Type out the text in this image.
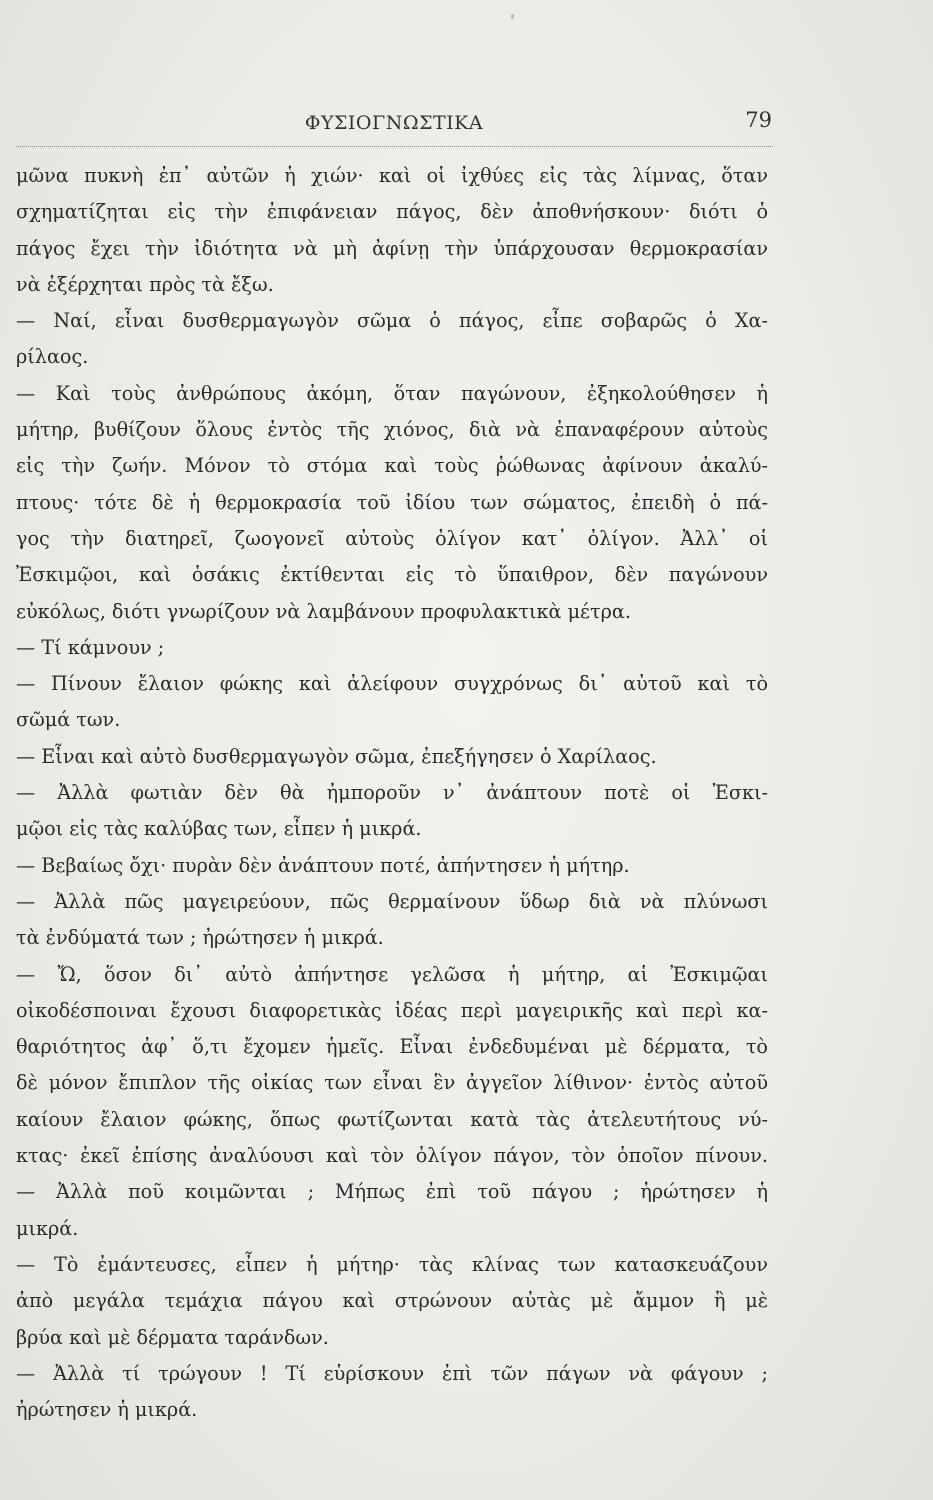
ΦΥΣΙΟΓΝΩΣΤΙΚΑ	79
μῶνα πυκνὴ ἐπ᾽ αὐτῶν ἡ χιών· καὶ οἱ ἰχθύες εἰς τὰς λίμνας, ὅταν
σχηματίζηται εἰς τὴν ἐπιφάνειαν πάγος, δὲν ἀποθνήσκουν· διότι ὁ
πάγος ἔχει τὴν ἰδιότητα νὰ μὴ ἀφίνῃ τὴν ὑπάρχουσαν θερμοκρασίαν
νὰ ἐξέρχηται πρὸς τὰ ἔξω.
— Ναί, εἶναι δυσθερμαγωγὸν σῶμα ὁ πάγος, εἶπε σοβαρῶς ὁ Χα-
ρίλαος.
— Καὶ τοὺς ἀνθρώπους ἀκόμη, ὅταν παγώνουν, ἐξηκολούθησεν ἡ
μήτηρ, βυθίζουν ὅλους ἐντὸς τῆς χιόνος, διὰ νὰ ἐπαναφέρουν αὐτοὺς
εἰς τὴν ζωήν. Μόνον τὸ στόμα καὶ τοὺς ῥώθωνας ἀφίνουν ἀκαλύ-
πτους· τότε δὲ ἡ θερμοκρασία τοῦ ἰδίου των σώματος, ἐπειδὴ ὁ πά-
γος τὴν διατηρεῖ, ζωογονεῖ αὐτοὺς ὀλίγον κατ᾽ ὀλίγον. Ἀλλ᾽ οἱ
Ἐσκιμῷοι, καὶ ὁσάκις ἐκτίθενται εἰς τὸ ὕπαιθρον, δὲν παγώνουν
εὐκόλως, διότι γνωρίζουν νὰ λαμβάνουν προφυλακτικὰ μέτρα.
— Τί κάμνουν ;
— Πίνουν ἔλαιον φώκης καὶ ἀλείφουν συγχρόνως δι᾽ αὐτοῦ καὶ τὸ
σῶμά των.
— Εἶναι καὶ αὐτὸ δυσθερμαγωγὸν σῶμα, ἐπεξήγησεν ὁ Χαρίλαος.
— Ἀλλὰ φωτιὰν δὲν θὰ ἠμποροῦν ν᾽ ἀνάπτουν ποτὲ οἱ Ἐσκι-
μῷοι εἰς τὰς καλύβας των, εἶπεν ἡ μικρά.
— Βεβαίως ὄχι· πυρὰν δὲν ἀνάπτουν ποτέ, ἀπήντησεν ἡ μήτηρ.
— Ἀλλὰ πῶς μαγειρεύουν, πῶς θερμαίνουν ὕδωρ διὰ νὰ πλύνωσι
τὰ ἐνδύματά των ; ἠρώτησεν ἡ μικρά.
— Ὤ, ὅσον δι᾽ αὐτὸ ἀπήντησε γελῶσα ἡ μήτηρ, αἱ Ἐσκιμῷαι
οἰκοδέσποιναι ἔχουσι διαφορετικὰς ἰδέας περὶ μαγειρικῆς καὶ περὶ κα-
θαριότητος ἀφ᾽ ὅ,τι ἔχομεν ἡμεῖς. Εἶναι ἐνδεδυμέναι μὲ δέρματα, τὸ
δὲ μόνον ἔπιπλον τῆς οἰκίας των εἶναι ἓν ἀγγεῖον λίθινον· ἐντὸς αὐτοῦ
καίουν ἔλαιον φώκης, ὅπως φωτίζωνται κατὰ τὰς ἀτελευτήτους νύ-
κτας· ἐκεῖ ἐπίσης ἀναλύουσι καὶ τὸν ὀλίγον πάγον, τὸν ὁποῖον πίνουν.
— Ἀλλὰ ποῦ κοιμῶνται ; Μήπως ἐπὶ τοῦ πάγου ; ἠρώτησεν ἡ
μικρά.
— Τὸ ἐμάντευσες, εἶπεν ἡ μήτηρ· τὰς κλίνας των κατασκευάζουν
ἀπὸ μεγάλα τεμάχια πάγου καὶ στρώνουν αὐτὰς μὲ ἄμμον ἢ μὲ
βρύα καὶ μὲ δέρματα ταράνδων.
— Ἀλλὰ τί τρώγουν ! Τί εὑρίσκουν ἐπὶ τῶν πάγων νὰ φάγουν ;
ἠρώτησεν ἡ μικρά.
